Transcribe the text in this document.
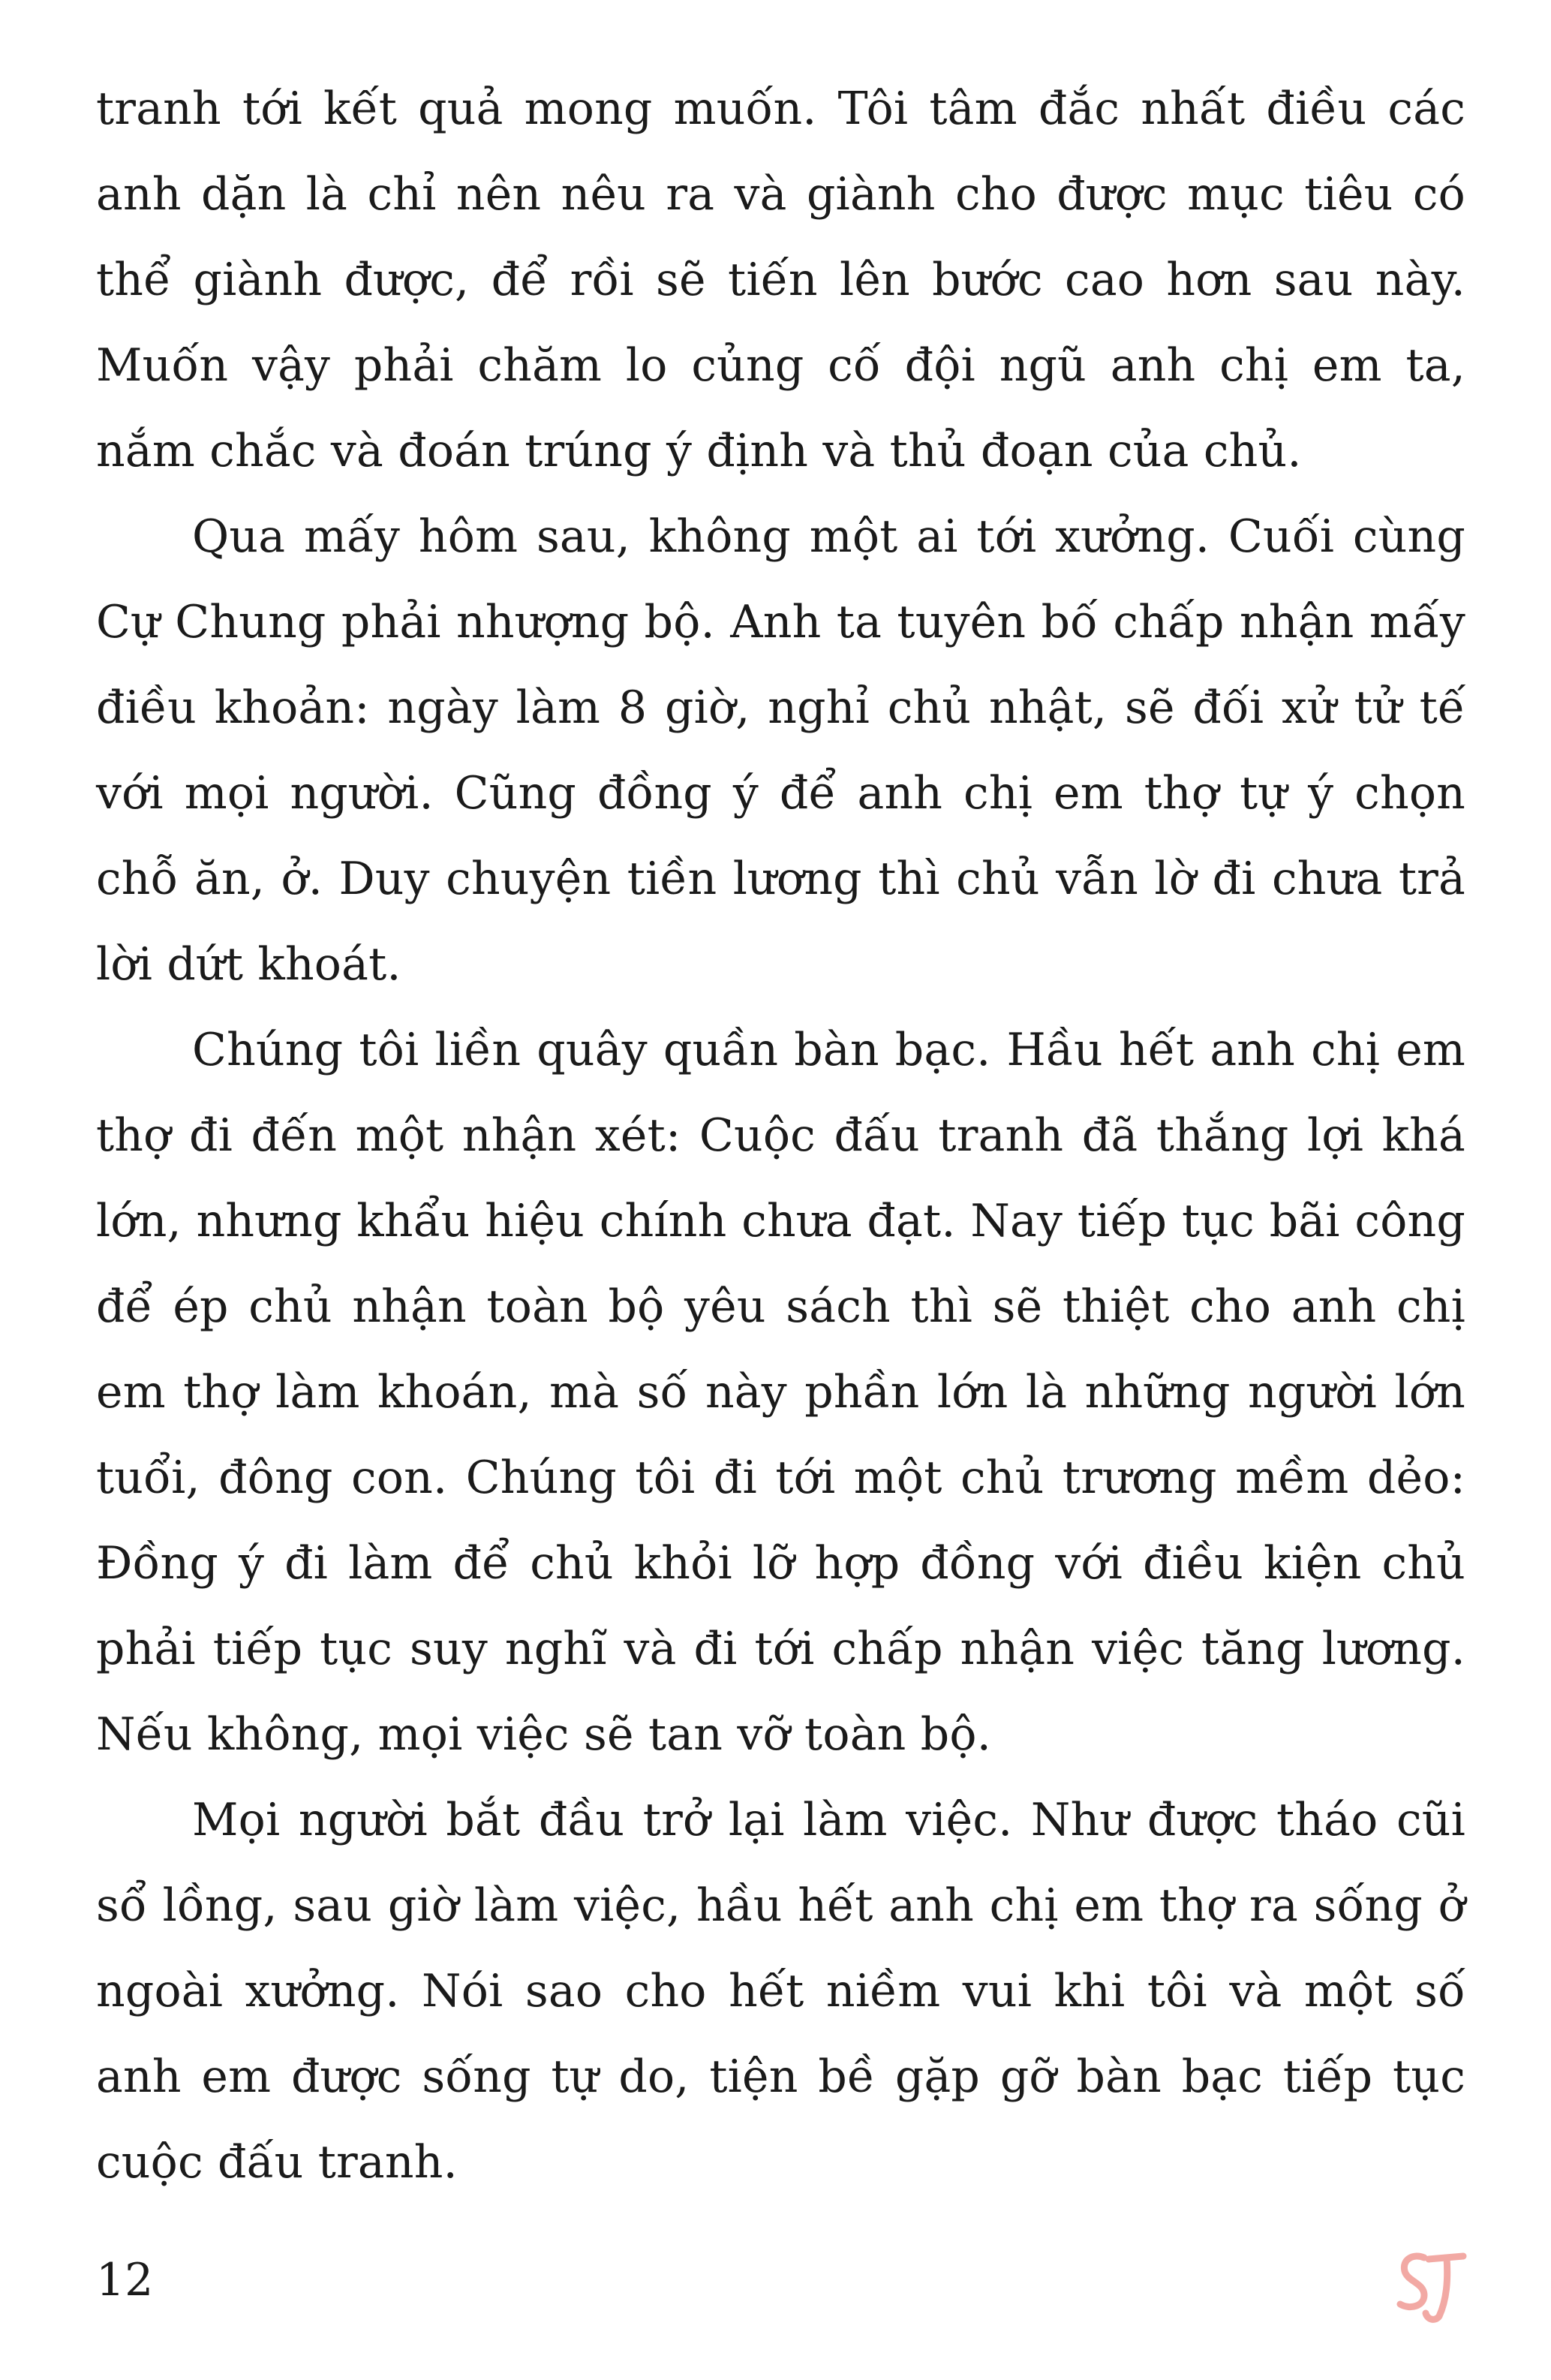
tranh tới kết quả mong muốn. Tôi tâm đắc nhất điều các anh dặn là chỉ nên nêu ra và giành cho được mục tiêu có thể giành được, để rồi sẽ tiến lên bước cao hơn sau này. Muốn vậy phải chăm lo củng cố đội ngũ anh chị em ta, nắm chắc và đoán trúng ý định và thủ đoạn của chủ.

Qua mấy hôm sau, không một ai tới xưởng. Cuối cùng Cự Chung phải nhượng bộ. Anh ta tuyên bố chấp nhận mấy điều khoản: ngày làm 8 giờ, nghỉ chủ nhật, sẽ đối xử tử tế với mọi người. Cũng đồng ý để anh chị em thợ tự ý chọn chỗ ăn, ở. Duy chuyện tiền lương thì chủ vẫn lờ đi chưa trả lời dứt khoát.

Chúng tôi liền quây quần bàn bạc. Hầu hết anh chị em thợ đi đến một nhận xét: Cuộc đấu tranh đã thắng lợi khá lớn, nhưng khẩu hiệu chính chưa đạt. Nay tiếp tục bãi công để ép chủ nhận toàn bộ yêu sách thì sẽ thiệt cho anh chị em thợ làm khoán, mà số này phần lớn là những người lớn tuổi, đông con. Chúng tôi đi tới một chủ trương mềm dẻo: Đồng ý đi làm để chủ khỏi lỡ hợp đồng với điều kiện chủ phải tiếp tục suy nghĩ và đi tới chấp nhận việc tăng lương. Nếu không, mọi việc sẽ tan vỡ toàn bộ.

Mọi người bắt đầu trở lại làm việc. Như được tháo cũi sổ lồng, sau giờ làm việc, hầu hết anh chị em thợ ra sống ở ngoài xưởng. Nói sao cho hết niềm vui khi tôi và một số anh em được sống tự do, tiện bề gặp gỡ bàn bạc tiếp tục cuộc đấu tranh.

12
